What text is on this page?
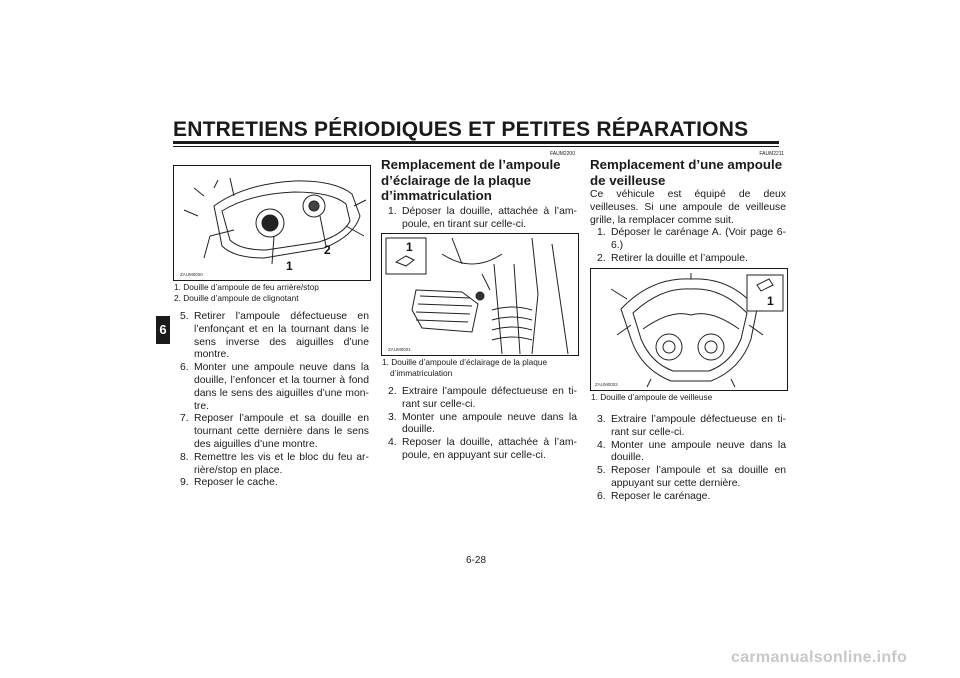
ENTRETIENS PÉRIODIQUES ET PETITES RÉPARATIONS
6
1
2
ZAUM0000
1. Douille d’ampoule de feu arrière/stop
2. Douille d’ampoule de clignotant
5. Retirer l’ampoule défectueuse en l’enfonçant et en la tournant dans le sens inverse des aiguilles d’une montre.
6. Monter une ampoule neuve dans la douille, l’enfoncer et la tourner à fond dans le sens des aiguilles d’une montre.
7. Reposer l’ampoule et sa douille en tournant cette dernière dans le sens des aiguilles d’une montre.
8. Remettre les vis et le bloc du feu arrière/stop en place.
9. Reposer le cache.
FAUM2200
Remplacement de l’ampoule d’éclairage de la plaque d’immatriculation
1. Déposer la douille, attachée à l’ampoule, en tirant sur celle-ci.
1
ZAUM0001
1. Douille d’ampoule d’éclairage de la plaque d’immatriculation
2. Extraire l’ampoule défectueuse en tirant sur celle-ci.
3. Monter une ampoule neuve dans la douille.
4. Reposer la douille, attachée à l’ampoule, en appuyant sur celle-ci.
FAUM2211
Remplacement d’une ampoule de veilleuse
Ce véhicule est équipé de deux veilleuses. Si une ampoule de veilleuse grille, la remplacer comme suit.
1. Déposer le carénage A. (Voir page 6-6.)
2. Retirer la douille et l’ampoule.
1
ZAUM0002
1. Douille d’ampoule de veilleuse
3. Extraire l’ampoule défectueuse en tirant sur celle-ci.
4. Monter une ampoule neuve dans la douille.
5. Reposer l’ampoule et sa douille en appuyant sur cette dernière.
6. Reposer le carénage.
6-28
carmanualsonline.info
